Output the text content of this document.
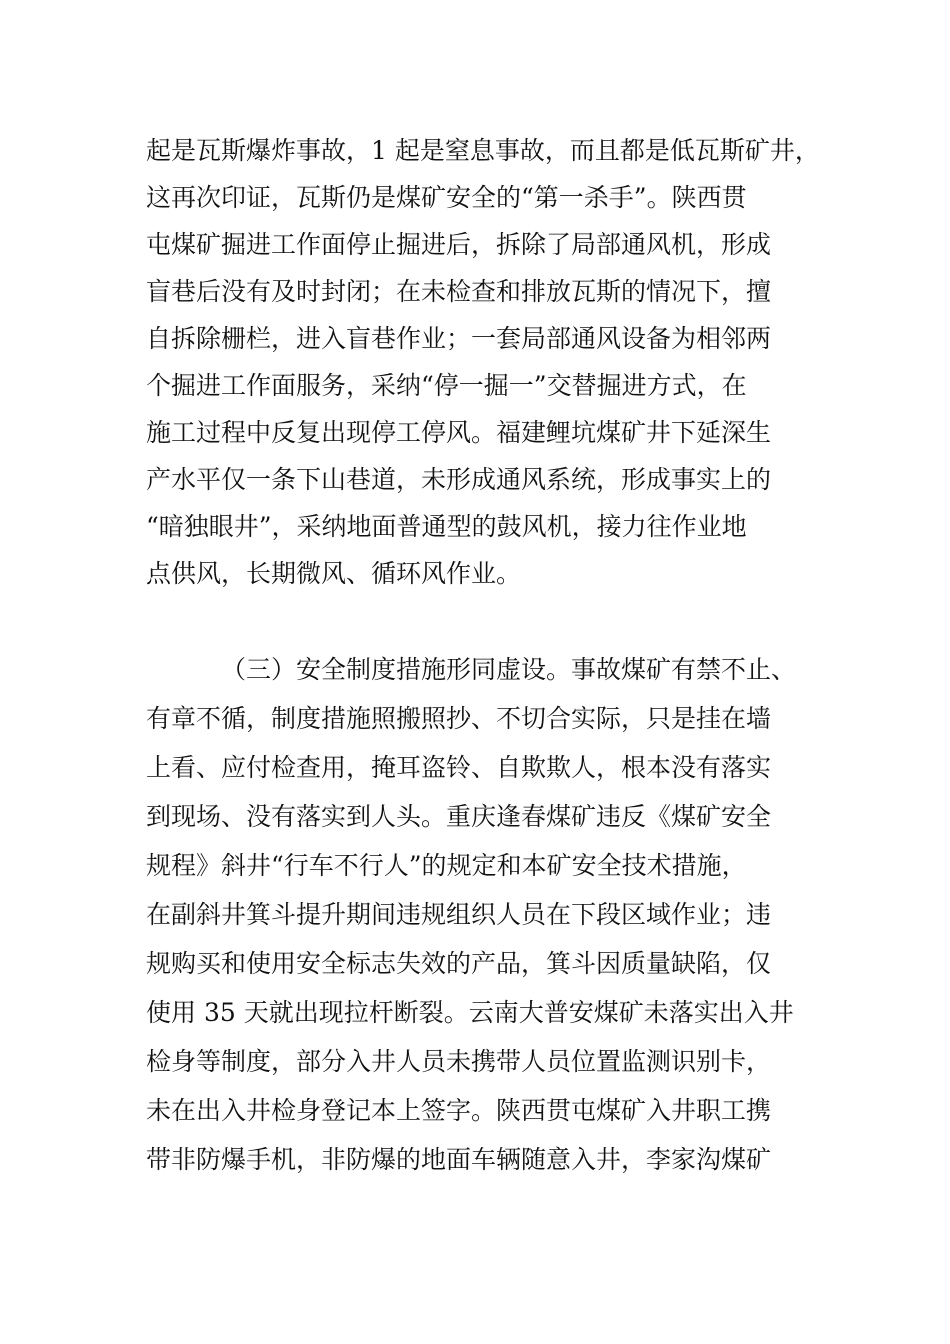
起是瓦斯爆炸事故，1 起是窒息事故，而且都是低瓦斯矿井，
这再次印证，瓦斯仍是煤矿安全的“第一杀手”。陕西贯
屯煤矿掘进工作面停止掘进后，拆除了局部通风机，形成
盲巷后没有及时封闭；在未检查和排放瓦斯的情况下，擅
自拆除栅栏，进入盲巷作业；一套局部通风设备为相邻两
个掘进工作面服务，采纳“停一掘一”交替掘进方式，在
施工过程中反复出现停工停风。福建鲤坑煤矿井下延深生
产水平仅一条下山巷道，未形成通风系统，形成事实上的
“暗独眼井”，采纳地面普通型的鼓风机，接力往作业地
点供风，长期微风、循环风作业。
（三）安全制度措施形同虚设。事故煤矿有禁不止、
有章不循，制度措施照搬照抄、不切合实际，只是挂在墙
上看、应付检查用，掩耳盗铃、自欺欺人，根本没有落实
到现场、没有落实到人头。重庆逢春煤矿违反《煤矿安全
规程》斜井“行车不行人”的规定和本矿安全技术措施，
在副斜井箕斗提升期间违规组织人员在下段区域作业；违
规购买和使用安全标志失效的产品，箕斗因质量缺陷，仅
使用 35 天就出现拉杆断裂。云南大普安煤矿未落实出入井
检身等制度，部分入井人员未携带人员位置监测识别卡，
未在出入井检身登记本上签字。陕西贯屯煤矿入井职工携
带非防爆手机，非防爆的地面车辆随意入井，李家沟煤矿
